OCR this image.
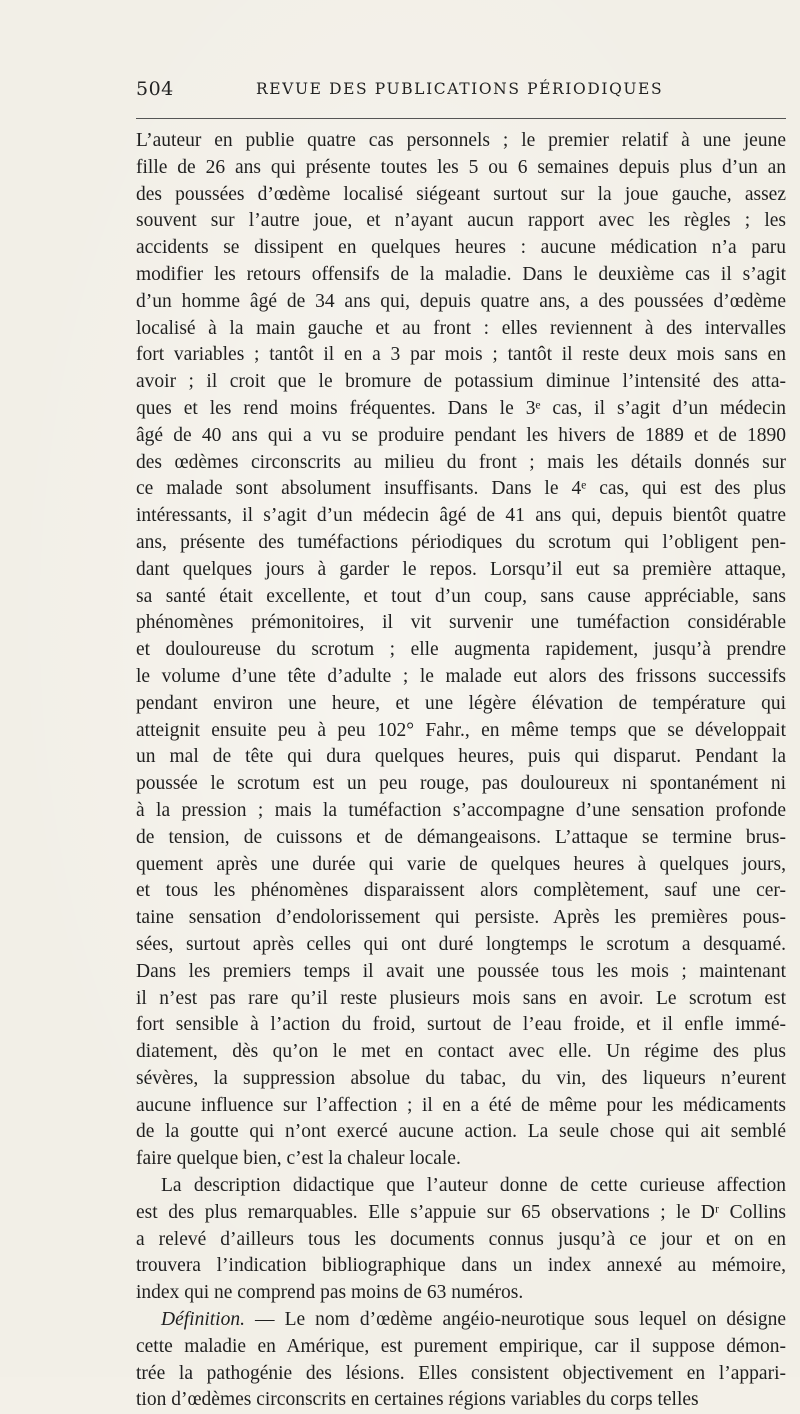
504	REVUE DES PUBLICATIONS PÉRIODIQUES
L’auteur en publie quatre cas personnels ; le premier relatif à une jeune
fille de 26 ans qui présente toutes les 5 ou 6 semaines depuis plus d’un an
des poussées d’œdème localisé siégeant surtout sur la joue gauche, assez
souvent sur l’autre joue, et n’ayant aucun rapport avec les règles ; les
accidents se dissipent en quelques heures : aucune médication n’a paru
modifier les retours offensifs de la maladie. Dans le deuxième cas il s’agit
d’un homme âgé de 34 ans qui, depuis quatre ans, a des poussées d’œdème
localisé à la main gauche et au front : elles reviennent à des intervalles
fort variables ; tantôt il en a 3 par mois ; tantôt il reste deux mois sans en
avoir ; il croit que le bromure de potassium diminue l’intensité des atta-
ques et les rend moins fréquentes. Dans le 3ᵉ cas, il s’agit d’un médecin
âgé de 40 ans qui a vu se produire pendant les hivers de 1889 et de 1890
des œdèmes circonscrits au milieu du front ; mais les détails donnés sur
ce malade sont absolument insuffisants. Dans le 4ᵉ cas, qui est des plus
intéressants, il s’agit d’un médecin âgé de 41 ans qui, depuis bientôt quatre
ans, présente des tuméfactions périodiques du scrotum qui l’obligent pen-
dant quelques jours à garder le repos. Lorsqu’il eut sa première attaque,
sa santé était excellente, et tout d’un coup, sans cause appréciable, sans
phénomènes prémonitoires, il vit survenir une tuméfaction considérable
et douloureuse du scrotum ; elle augmenta rapidement, jusqu’à prendre
le volume d’une tête d’adulte ; le malade eut alors des frissons successifs
pendant environ une heure, et une légère élévation de température qui
atteignit ensuite peu à peu 102° Fahr., en même temps que se développait
un mal de tête qui dura quelques heures, puis qui disparut. Pendant la
poussée le scrotum est un peu rouge, pas douloureux ni spontanément ni
à la pression ; mais la tuméfaction s’accompagne d’une sensation profonde
de tension, de cuissons et de démangeaisons. L’attaque se termine brus-
quement après une durée qui varie de quelques heures à quelques jours,
et tous les phénomènes disparaissent alors complètement, sauf une cer-
taine sensation d’endolorissement qui persiste. Après les premières pous-
sées, surtout après celles qui ont duré longtemps le scrotum a desquamé.
Dans les premiers temps il avait une poussée tous les mois ; maintenant
il n’est pas rare qu’il reste plusieurs mois sans en avoir. Le scrotum est
fort sensible à l’action du froid, surtout de l’eau froide, et il enfle immé-
diatement, dès qu’on le met en contact avec elle. Un régime des plus
sévères, la suppression absolue du tabac, du vin, des liqueurs n’eurent
aucune influence sur l’affection ; il en a été de même pour les médicaments
de la goutte qui n’ont exercé aucune action. La seule chose qui ait semblé
faire quelque bien, c’est la chaleur locale.
La description didactique que l’auteur donne de cette curieuse affection
est des plus remarquables. Elle s’appuie sur 65 observations ; le Dʳ Collins
a relevé d’ailleurs tous les documents connus jusqu’à ce jour et on en
trouvera l’indication bibliographique dans un index annexé au mémoire,
index qui ne comprend pas moins de 63 numéros.
Définition. — Le nom d’œdème angéio-neurotique sous lequel on désigne
cette maladie en Amérique, est purement empirique, car il suppose démon-
trée la pathogénie des lésions. Elles consistent objectivement en l’appari-
tion d’œdèmes circonscrits en certaines régions variables du corps telles
